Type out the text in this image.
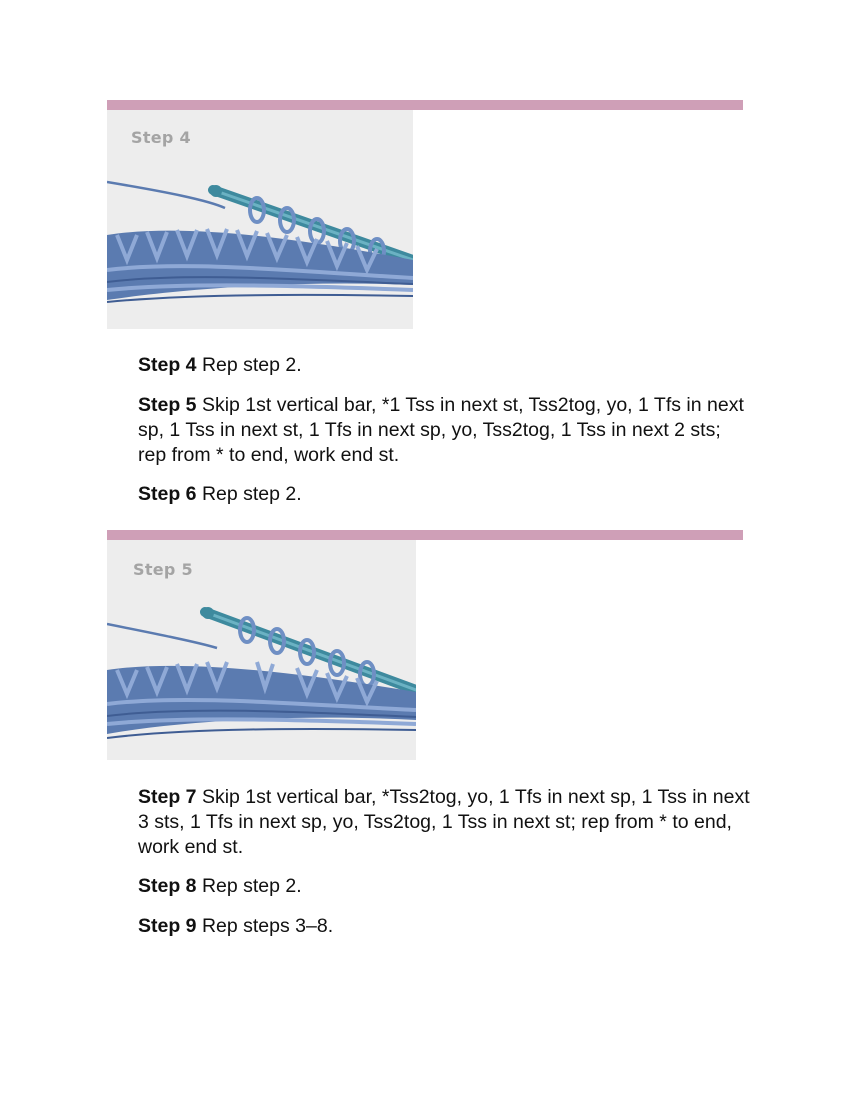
Step 4

Step 4 Rep step 2.

Step 5 Skip 1st vertical bar, *1 Tss in next st, Tss2tog, yo, 1 Tfs in next sp, 1 Tss in next st, 1 Tfs in next sp, yo, Tss2tog, 1 Tss in next 2 sts; rep from * to end, work end st.

Step 6 Rep step 2.

Step 5

Step 7 Skip 1st vertical bar, *Tss2tog, yo, 1 Tfs in next sp, 1 Tss in next 3 sts, 1 Tfs in next sp, yo, Tss2tog, 1 Tss in next st; rep from * to end, work end st.

Step 8 Rep step 2.

Step 9 Rep steps 3–8.
